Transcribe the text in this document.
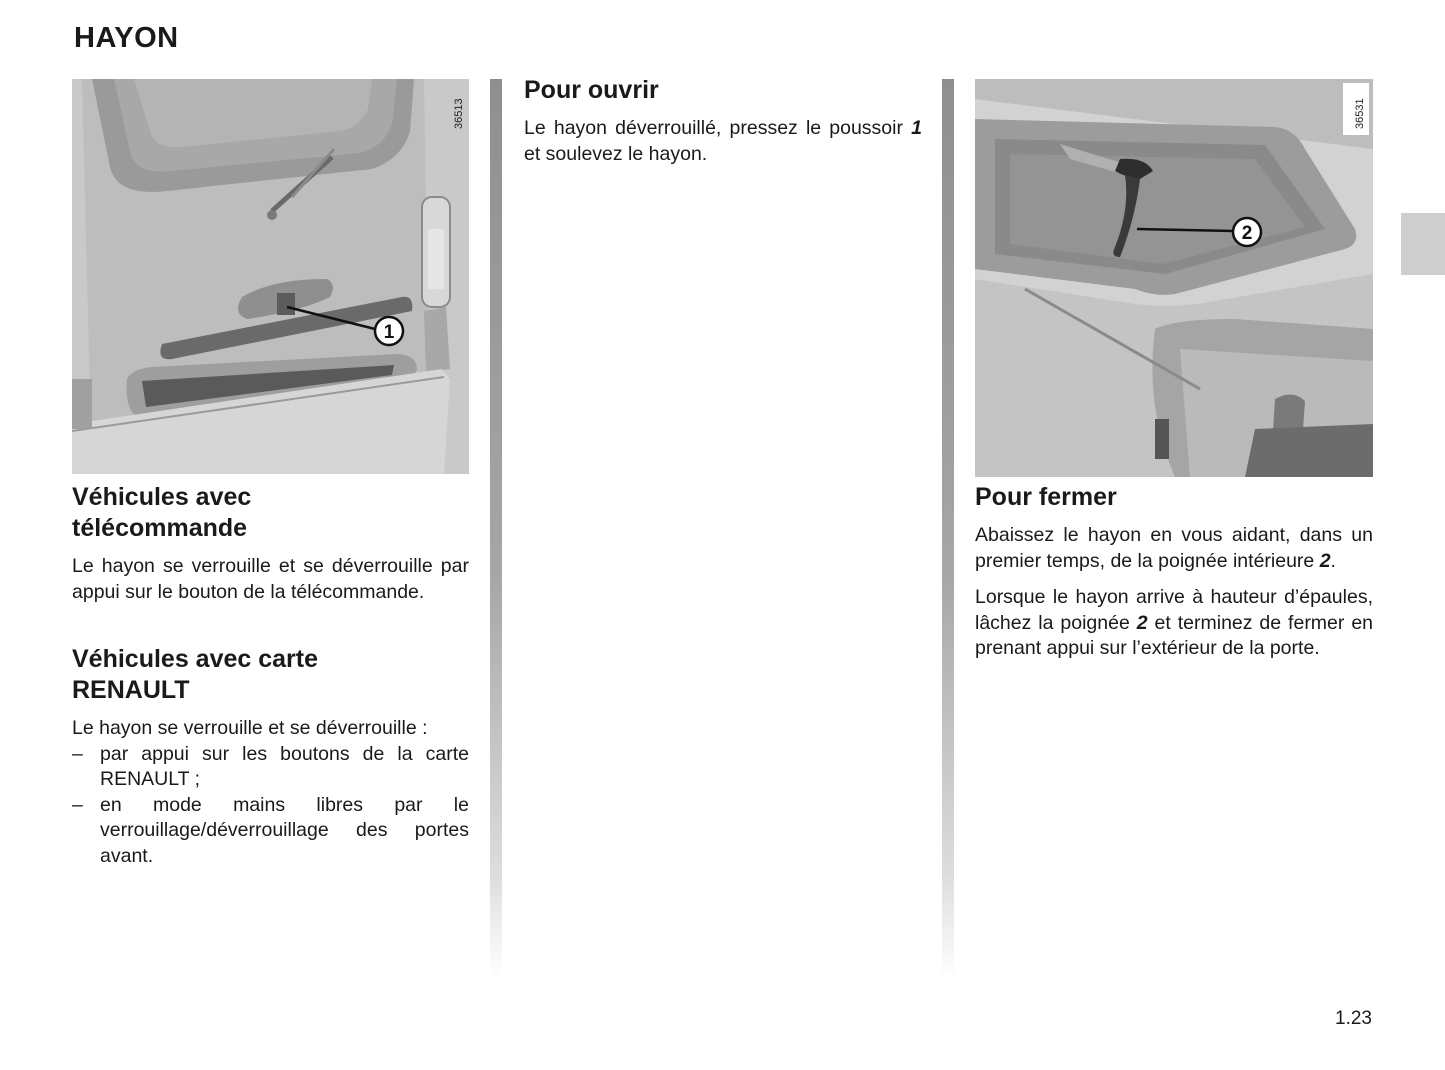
HAYON
1
36513
Véhicules avec
télécommande

Le hayon se verrouille et se déverrouille par appui sur le bouton de la télécommande.

Véhicules avec carte
RENAULT

Le hayon se verrouille et se déverrouille :

– par appui sur les boutons de la carte RENAULT ;
– en mode mains libres par le verrouillage/déverrouillage des portes avant.
Pour ouvrir

Le hayon déverrouillé, pressez le poussoir 1 et soulevez le hayon.

2
36531
Pour fermer

Abaissez le hayon en vous aidant, dans un premier temps, de la poignée intérieure 2.

Lorsque le hayon arrive à hauteur d’épaules, lâchez la poignée 2 et terminez de fermer en prenant appui sur l’extérieur de la porte.

1.23
